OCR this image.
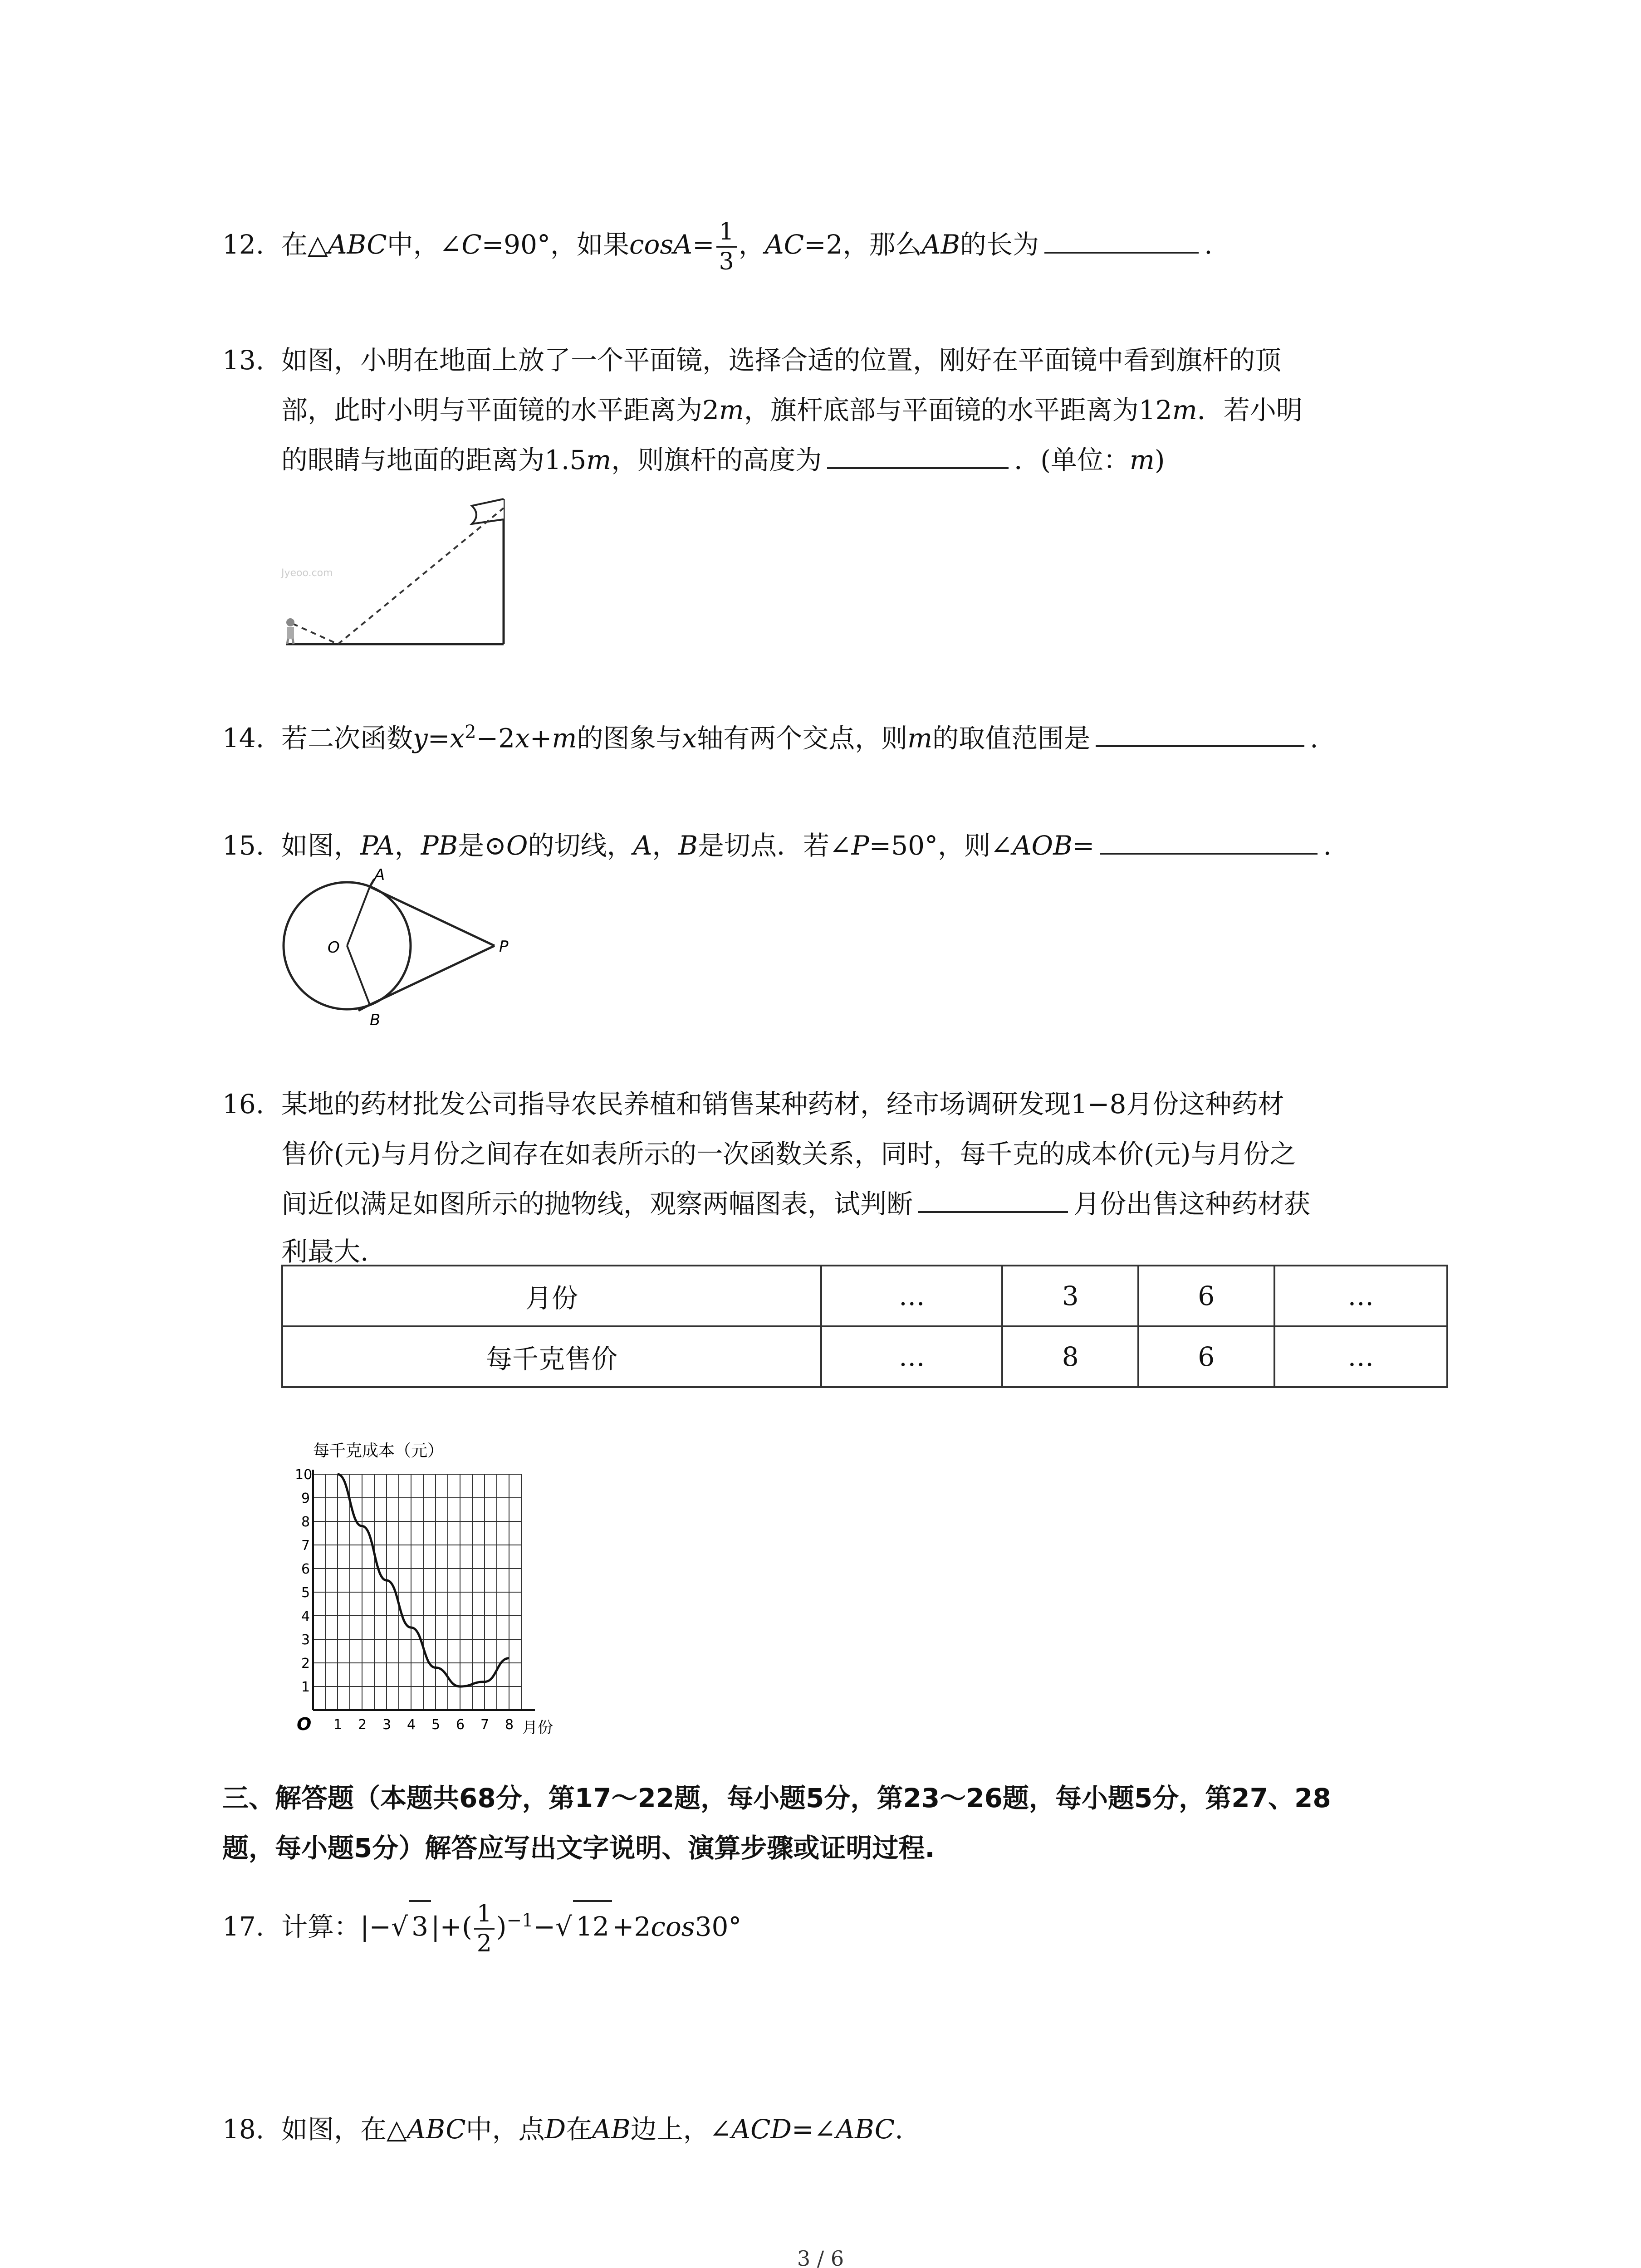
12. 在△ABC中，∠C=90°，如果$\cos A= \frac{1}{3}$ ，AC=2，那么AB的长为	.
13. 如图，小明在地面上放了一个平面镜，选择合适的位置，刚好在平面镜中看到旗杆的顶
部，此时小明与平面镜的水平距离为2m，旗杆底部与平面镜的水平距离为12m．若小明
的眼睛与地面的距离为1.5m，则旗杆的高度为	．(单位：m)
Jyeoo.com
14. 若二次函数$y=x^2-2x+m$的图象与x轴有两个交点，则m的取值范围是	.
15. 如图，PA，PB是⊙O的切线，A，B是切点．若∠P=50°，则∠AOB=	.
A
B
O	P
16. 某地的药材批发公司指导农民养植和销售某种药材，经市场调研发现1−8月份这种药材
售价(元)与月份之间存在如表所示的一次函数关系，同时，每千克的成本价(元)与月份之
间近似满足如图所示的抛物线，观察两幅图表，试判断	月份出售这种药材获
利最大.
月份	…	3	6	…
每千克售价	…	8	6	…
每千克成本（元）
1 2 3 4 5 6 7 8
1
2
3
4
5
6
7
8
9
10
O	月份
三、解答题（本题共68分，第17～22题，每小题5分，第23～26题，每小题5分，第27、28
题，每小题5分）解答应写出文字说明、演算步骤或证明过程.
17. 计算：|−√ 3 |+( $\frac{1}{2} )^{-1}-√$ 12 +2cos30°
18. 如图，在△ABC中，点D在AB边上，∠ACD=∠ABC.
3 / 6
